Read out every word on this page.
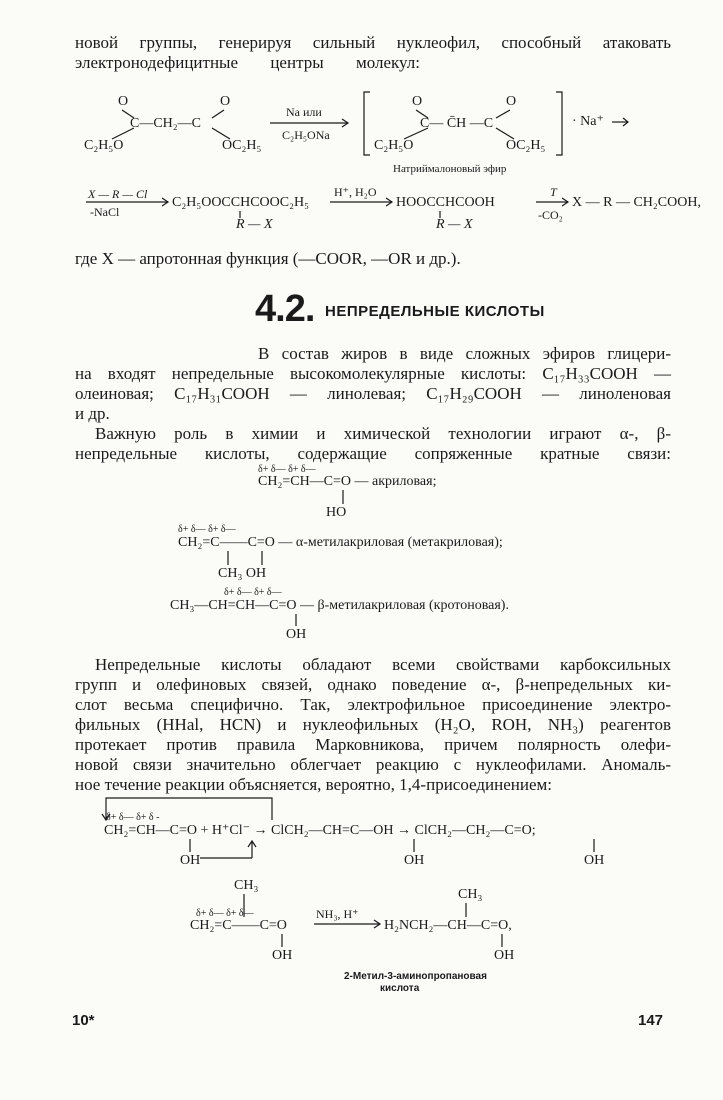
новой группы, генерируя сильный нуклеофил, способный атаковать
электронодефицитные центры молекул:
O	O
C—CH₂—C
C₂H₅O	OC₂H₅
Na или
C₂H₅ONa
O	O
C— C̄H —C
C₂H₅O	OC₂H₅
· Na⁺
Натриймалоновый эфир
X — R — Cl
-NaCl
C₂H₅OOCCHCOOC₂H₅
R — X
H⁺, H₂O
HOOCCHCOOH
R — X
T
-CO₂
X — R — CH₂COOH,
где X — апротонная функция (—COOR, —OR и др.).
4.2. НЕПРЕДЕЛЬНЫЕ КИСЛОТЫ
В состав жиров в виде сложных эфиров глицери-
на входят непредельные высокомолекулярные кислоты: C₁₇H₃₃COOH —
олеиновая; C₁₇H₃₁COOH — линолевая; C₁₇H₂₉COOH — линоленовая
и др.
Важную роль в химии и химической технологии играют α-, β-
непредельные кислоты, содержащие сопряженные кратные связи:
δ+ δ— δ+ δ—
CH₂=CH—C=O — акриловая;
HO
δ+ δ— δ+ δ—
CH₂=C——C=O — α-метилакриловая (метакриловая);
CH₃ OH
δ+ δ— δ+ δ—
CH₃—CH=CH—C=O — β-метилакриловая (кротоновая).
OH
Непредельные кислоты обладают всеми свойствами карбоксильных
групп и олефиновых связей, однако поведение α-, β-непредельных ки-
слот весьма специфично. Так, электрофильное присоединение электро-
фильных (HHal, HCN) и нуклеофильных (H₂O, ROH, NH₃) реагентов
протекает против правила Марковникова, причем полярность олефи-
новой связи значительно облегчает реакцию с нуклеофилами. Аномаль-
ное течение реакции объясняется, вероятно, 1,4-присоединением:
δ+ δ— δ+ δ -
CH₂=CH—C=O + H⁺Cl⁻ → ClCH₂—CH=C—OH → ClCH₂—CH₂—C=O;
OH	OH	OH
CH₃
δ+ δ— δ+ δ—
CH₂=C——C=O
OH
NH₃, H⁺
CH₃
H₂NCH₂—CH—C=O,
OH
2-Метил-3-аминопропановая
кислота
10*	147
